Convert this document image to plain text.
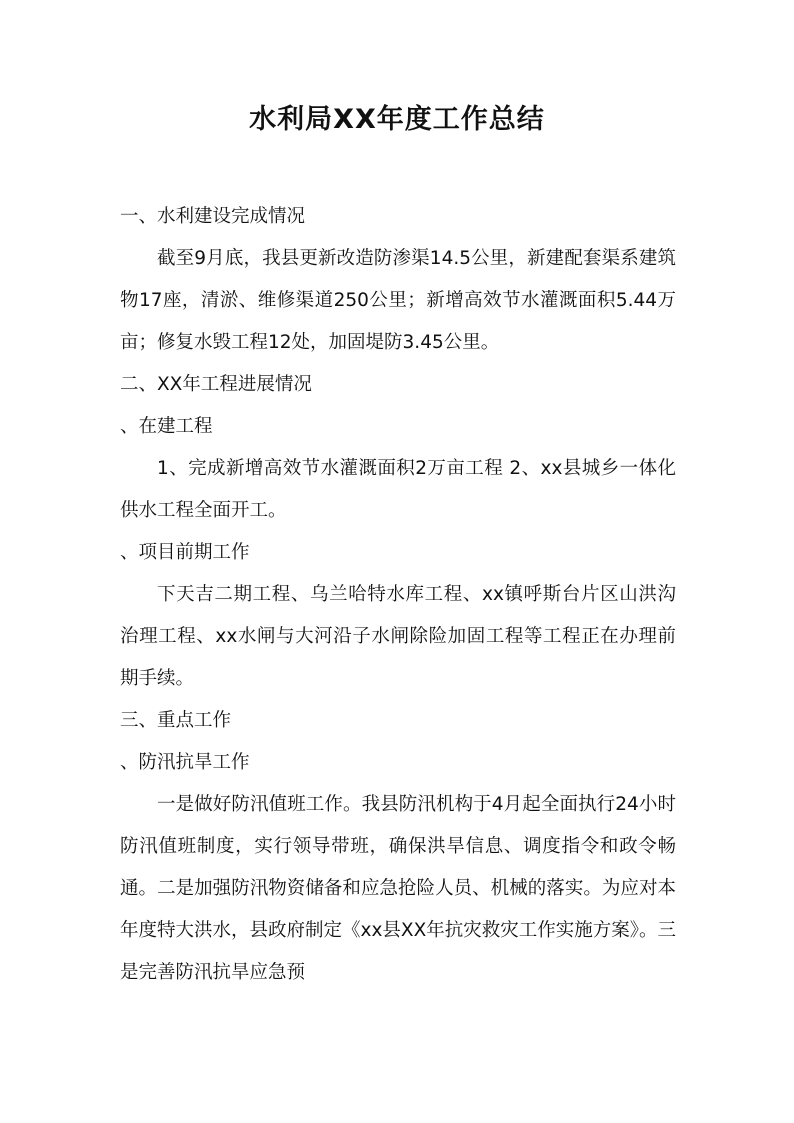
水利局XX年度工作总结

一、水利建设完成情况

截至9月底，我县更新改造防渗渠14.5公里，新建配套渠系建筑物17座，清淤、维修渠道250公里；新增高效节水灌溉面积5.44万亩；修复水毁工程12处，加固堤防3.45公里。

二、XX年工程进展情况

、在建工程

1、完成新增高效节水灌溉面积2万亩工程 2、xx县城乡一体化供水工程全面开工。

、项目前期工作

下天吉二期工程、乌兰哈特水库工程、xx镇呼斯台片区山洪沟治理工程、xx水闸与大河沿子水闸除险加固工程等工程正在办理前期手续。

三、重点工作

、防汛抗旱工作

一是做好防汛值班工作。我县防汛机构于4月起全面执行24小时防汛值班制度，实行领导带班，确保洪旱信息、调度指令和政令畅通。二是加强防汛物资储备和应急抢险人员、机械的落实。为应对本年度特大洪水，县政府制定《xx县XX年抗灾救灾工作实施方案》。三是完善防汛抗旱应急预
